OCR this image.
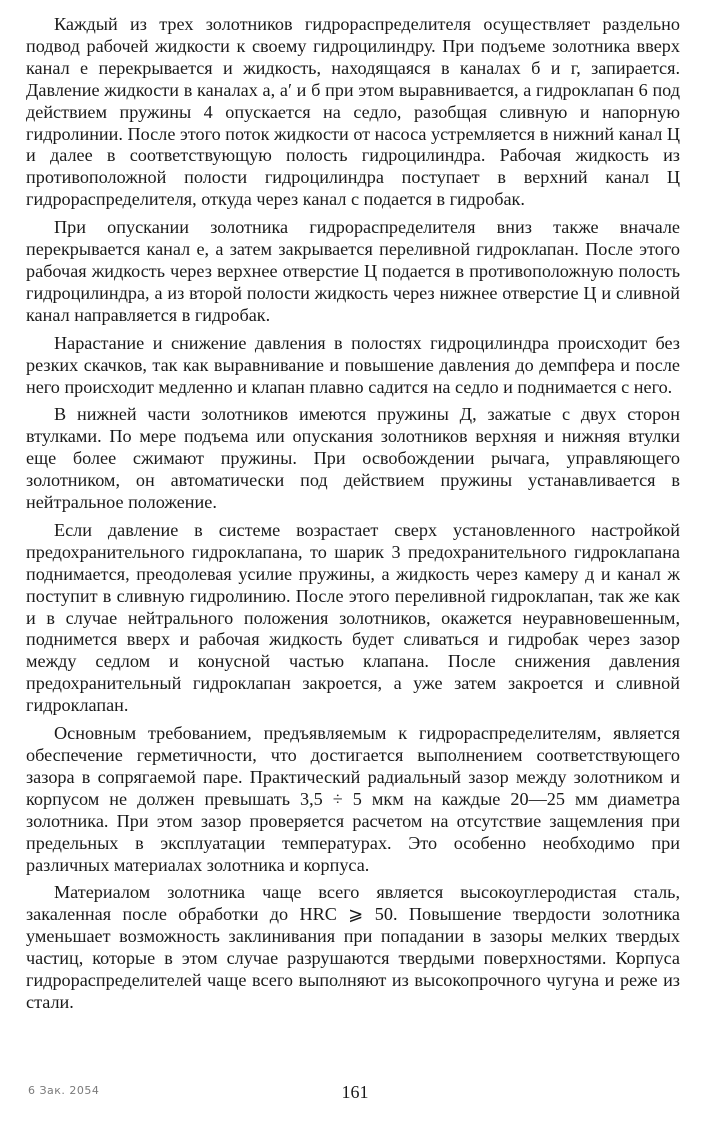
Каждый из трех золотников гидрораспределителя осуществляет раздельно подвод рабочей жидкости к своему гидроцилиндру. При подъеме золотника вверх канал е перекрывается и жидкость, находящаяся в каналах б и г, запирается. Давление жидкости в каналах а, а′ и б при этом выравнивается, а гидроклапан 6 под действием пружины 4 опускается на седло, разобщая сливную и напорную гидролинии. После этого поток жидкости от насоса устремляется в нижний канал Ц и далее в соответствующую полость гидроцилиндра. Рабочая жидкость из противоположной полости гидроцилиндра поступает в верхний канал Ц гидрораспределителя, откуда через канал с подается в гидробак.

При опускании золотника гидрораспределителя вниз также вначале перекрывается канал е, а затем закрывается переливной гидроклапан. После этого рабочая жидкость через верхнее отверстие Ц подается в противоположную полость гидроцилиндра, а из второй полости жидкость через нижнее отверстие Ц и сливной канал направляется в гидробак.

Нарастание и снижение давления в полостях гидроцилиндра происходит без резких скачков, так как выравнивание и повышение давления до демпфера и после него происходит медленно и клапан плавно садится на седло и поднимается с него.

В нижней части золотников имеются пружины Д, зажатые с двух сторон втулками. По мере подъема или опускания золотников верхняя и нижняя втулки еще более сжимают пружины. При освобождении рычага, управляющего золотником, он автоматически под действием пружины устанавливается в нейтральное положение.

Если давление в системе возрастает сверх установленного настройкой предохранительного гидроклапана, то шарик 3 предохранительного гидроклапана поднимается, преодолевая усилие пружины, а жидкость через камеру д и канал ж поступит в сливную гидролинию. После этого переливной гидроклапан, так же как и в случае нейтрального положения золотников, окажется неуравновешенным, поднимется вверх и рабочая жидкость будет сливаться и гидробак через зазор между седлом и конусной частью клапана. После снижения давления предохранительный гидроклапан закроется, а уже затем закроется и сливной гидроклапан.

Основным требованием, предъявляемым к гидрораспределителям, является обеспечение герметичности, что достигается выполнением соответствующего зазора в сопрягаемой паре. Практический радиальный зазор между золотником и корпусом не должен превышать 3,5 ÷ 5 мкм на каждые 20—25 мм диаметра золотника. При этом зазор проверяется расчетом на отсутствие защемления при предельных в эксплуатации температурах. Это особенно необходимо при различных материалах золотника и корпуса.

Материалом золотника чаще всего является высокоуглеродистая сталь, закаленная после обработки до HRC ⩾ 50. Повышение твердости золотника уменьшает возможность заклинивания при попадании в зазоры мелких твердых частиц, которые в этом случае разрушаются твердыми поверхностями. Корпуса гидрораспределителей чаще всего выполняют из высокопрочного чугуна и реже из стали.

6 Зак. 2054	161
